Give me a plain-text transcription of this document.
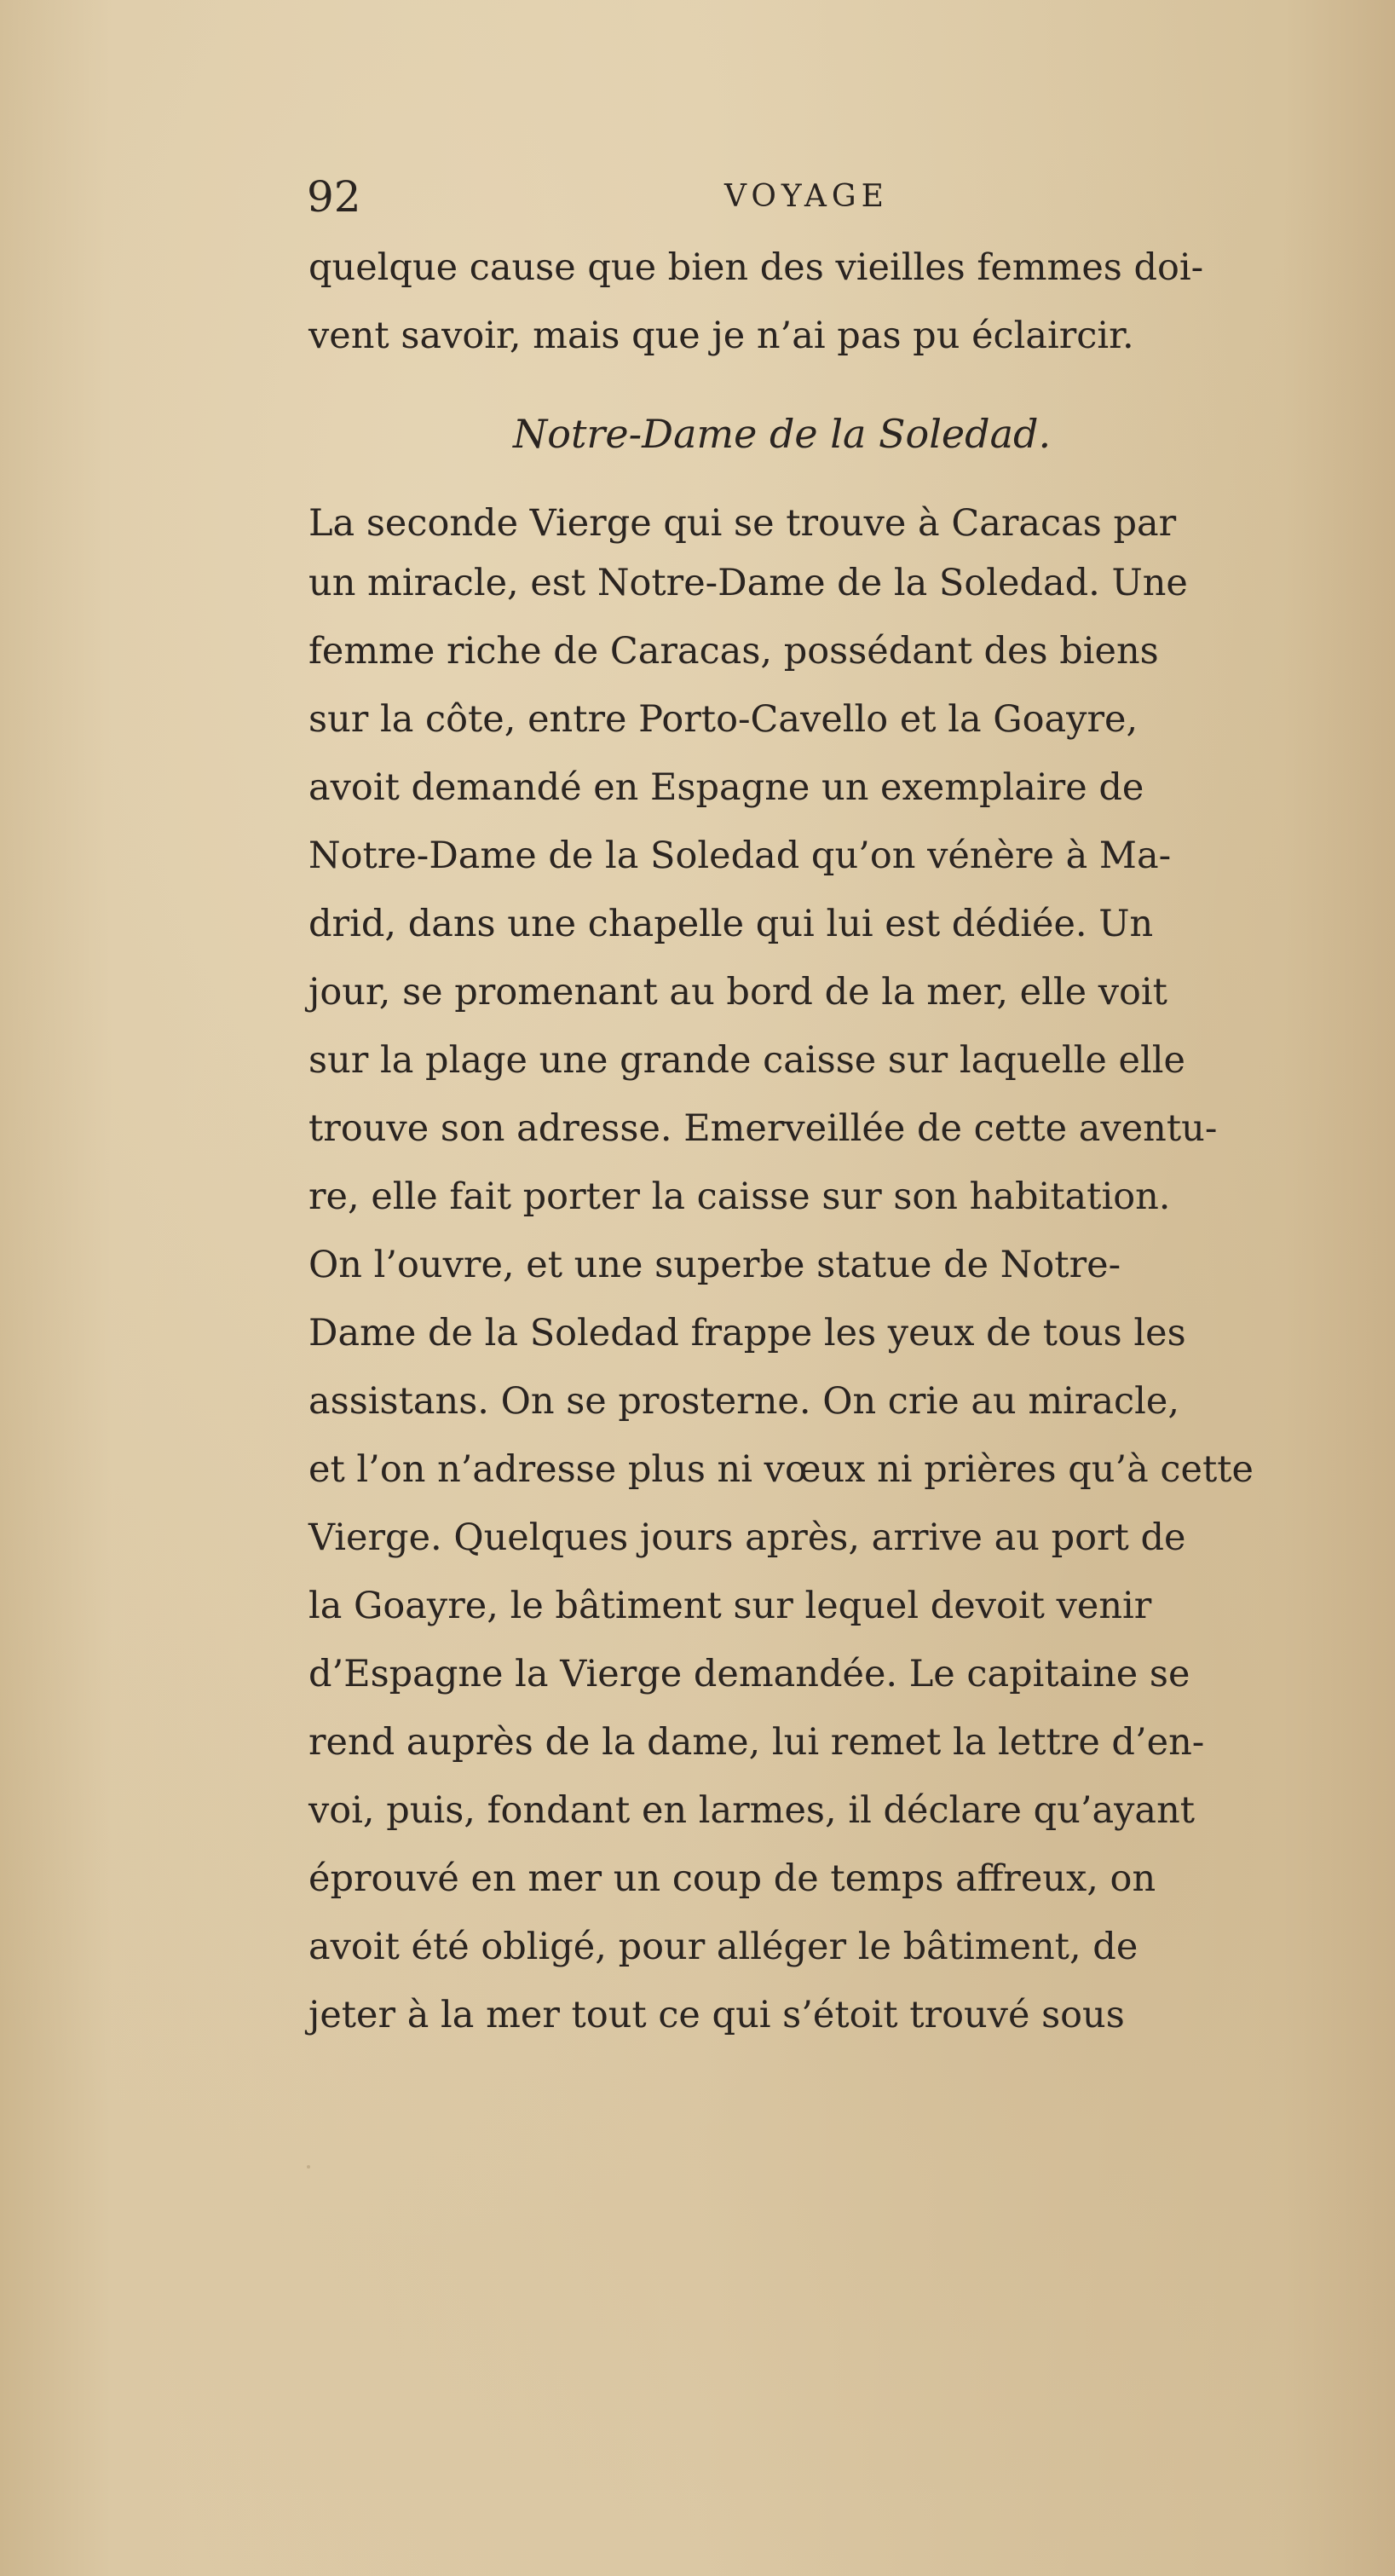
92	VOYAGE
quelque cause que bien des vieilles femmes doi-
vent savoir, mais que je n’ai pas pu éclaircir.
Notre-Dame de la Soledad.
La seconde Vierge qui se trouve à Caracas par
un miracle, est Notre-Dame de la Soledad. Une
femme riche de Caracas, possédant des biens
sur la côte, entre Porto-Cavello et la Goayre,
avoit demandé en Espagne un exemplaire de
Notre-Dame de la Soledad qu’on vénère à Ma-
drid, dans une chapelle qui lui est dédiée. Un
jour, se promenant au bord de la mer, elle voit
sur la plage une grande caisse sur laquelle elle
trouve son adresse. Emerveillée de cette aventu-
re, elle fait porter la caisse sur son habitation.
On l’ouvre, et une superbe statue de Notre-
Dame de la Soledad frappe les yeux de tous les
assistans. On se prosterne. On crie au miracle,
et l’on n’adresse plus ni vœux ni prières qu’à cette
Vierge. Quelques jours après, arrive au port de
la Goayre, le bâtiment sur lequel devoit venir
d’Espagne la Vierge demandée. Le capitaine se
rend auprès de la dame, lui remet la lettre d’en-
voi, puis, fondant en larmes, il déclare qu’ayant
éprouvé en mer un coup de temps affreux, on
avoit été obligé, pour alléger le bâtiment, de
jeter à la mer tout ce qui s’étoit trouvé sous
